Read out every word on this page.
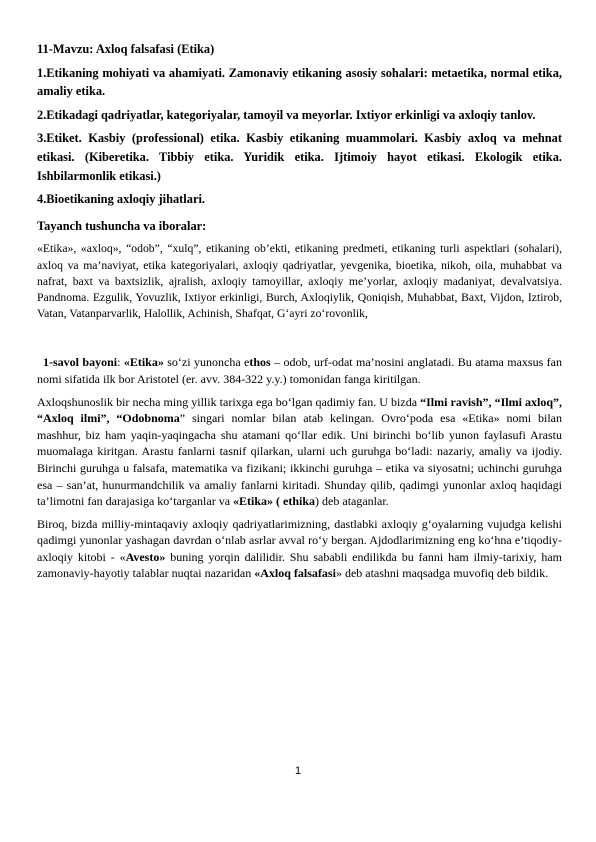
11-Mavzu: Axloq falsafasi (Etika)

1.Etikaning mohiyati va ahamiyati. Zamonaviy etikaning asosiy sohalari: metaetika, normal etika, amaliy etika.

2.Etikadagi qadriyatlar, kategoriyalar, tamoyil va meyorlar. Ixtiyor erkinligi va axloqiy tanlov.

3.Etiket. Kasbiy (professional) etika. Kasbiy etikaning muammolari. Kasbiy axloq va mehnat etikasi. (Kiberetika. Tibbiy etika. Yuridik etika. Ijtimoiy hayot etikasi. Ekologik etika. Ishbilarmonlik etikasi.)

4.Bioetikaning axloqiy jihatlari.

Tayanch tushuncha va iboralar:

«Etika», «axloq», “odob”, “xulq”, etikaning ob’ekti, etikaning predmeti, etikaning turli aspektlari (sohalari), axloq va ma’naviyat, etika kategoriyalari, axloqiy qadriyatlar, yevgenika, bioetika, nikoh, oila, muhabbat va nafrat, baxt va baxtsizlik, ajralish, axloqiy tamoyillar, axloqiy me’yorlar, axloqiy madaniyat, devalvatsiya. Pandnoma. Ezgulik, Yovuzlik, Ixtiyor erkinligi, Burch, Axloqiylik, Qoniqish, Muhabbat, Baxt, Vijdon, Iztirob, Vatan, Vatanparvarlik, Halollik, Achinish, Shafqat, G‘ayri zo‘rovonlik,

1-savol bayoni: «Etika» so‘zi yunoncha ethos – odob, urf-odat ma’nosini anglatadi. Bu atama maxsus fan nomi sifatida ilk bor Aristotel (er. avv. 384-322 y.y.) tomonidan fanga kiritilgan.

Axloqshunoslik bir necha ming yillik tarixga ega bo‘lgan qadimiy fan. U bizda “Ilmi ravish”, “Ilmi axloq”, “Axloq ilmi”, “Odobnoma” singari nomlar bilan atab kelingan. Ovro‘poda esa «Etika» nomi bilan mashhur, biz ham yaqin-yaqingacha shu atamani qo‘llar edik. Uni birinchi bo‘lib yunon faylasufi Arastu muomalaga kiritgan. Arastu fanlarni tasnif qilarkan, ularni uch guruhga bo‘ladi: nazariy, amaliy va ijodiy. Birinchi guruhga u falsafa, matematika va fizikani; ikkinchi guruhga – etika va siyosatni; uchinchi guruhga esa – san’at, hunurmandchilik va amaliy fanlarni kiritadi. Shunday qilib, qadimgi yunonlar axloq haqidagi ta’limotni fan darajasiga ko‘targanlar va «Etika» ( ethika) deb ataganlar.

Biroq, bizda milliy-mintaqaviy axloqiy qadriyatlarimizning, dastlabki axloqiy g‘oyalarning vujudga kelishi qadimgi yunonlar yashagan davrdan o‘nlab asrlar avval ro‘y bergan. Ajdodlarimizning eng ko‘hna e’tiqodiy-axloqiy kitobi - «Avesto» buning yorqin dalilidir. Shu sababli endilikda bu fanni ham ilmiy-tarixiy, ham zamonaviy-hayotiy talablar nuqtai nazaridan «Axloq falsafasi» deb atashni maqsadga muvofiq deb bildik.

1
